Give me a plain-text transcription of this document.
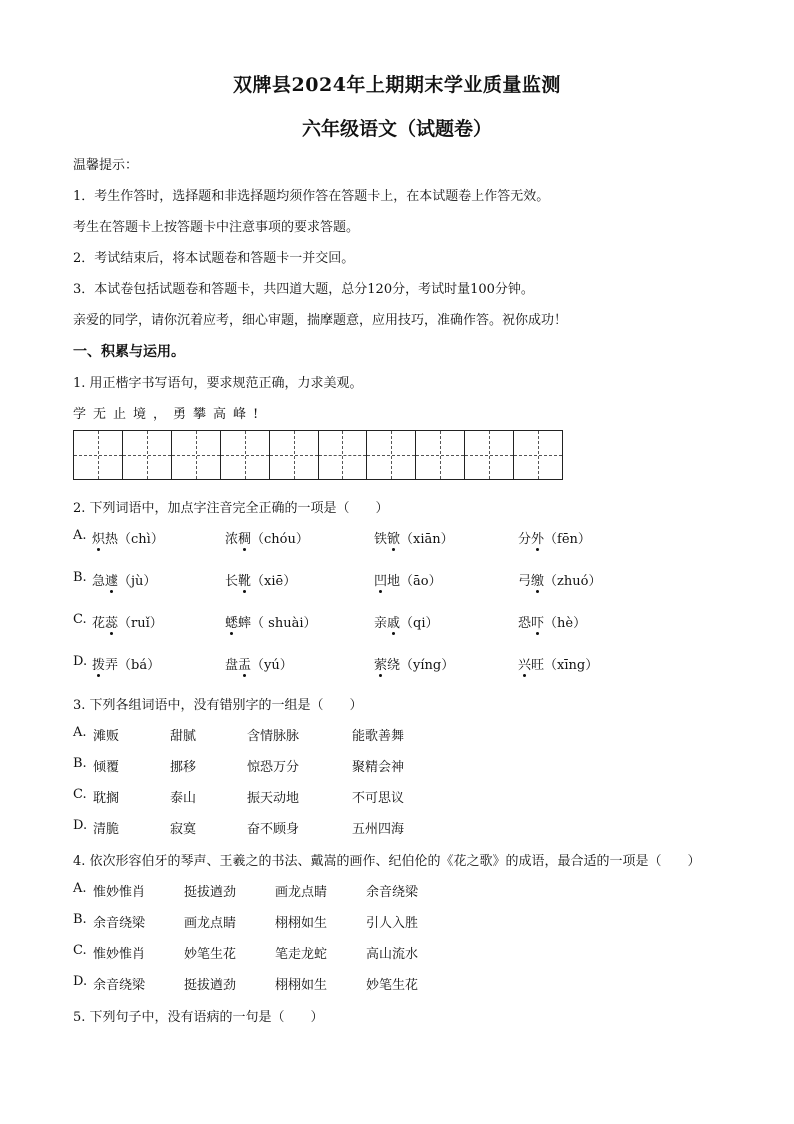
双牌县2024年上期期末学业质量监测
六年级语文（试题卷）
温馨提示：
1．考生作答时，选择题和非选择题均须作答在答题卡上，在本试题卷上作答无效。
考生在答题卡上按答题卡中注意事项的要求答题。
2．考试结束后，将本试题卷和答题卡一并交回。
3．本试卷包括试题卷和答题卡，共四道大题，总分120分，考试时量100分钟。
亲爱的同学，请你沉着应考，细心审题，揣摩题意，应用技巧，准确作答。祝你成功！
一、积累与运用。
1. 用正楷字书写语句，要求规范正确，力求美观。
学无止境，勇攀高峰!
2. 下列词语中，加点字注音完全正确的一项是（　　）
A. 炽热（chì）	浓稠（chóu）	铁锨（xiān）	分外（fēn）
B. 急遽（jù）	长靴（xiē）	凹地（āo）	弓缴（zhuó）
C. 花蕊（ruǐ）	蟋蟀（ shuài）	亲戚（qi）	恐吓（hè）
D. 拨弄（bá）	盘盂（yú）	萦绕（yíng）	兴旺（xīng）
3. 下列各组词语中，没有错别字的一组是（　　）
A. 滩贩	甜腻	含情脉脉	能歌善舞
B. 倾覆	挪移	惊恐万分	聚精会神
C. 耽搁	泰山	振天动地	不可思议
D. 清脆	寂寞	奋不顾身	五州四海
4. 依次形容伯牙的琴声、王羲之的书法、戴嵩的画作、纪伯伦的《花之歌》的成语，最合适的一项是（　　）
A. 惟妙惟肖	挺拔遒劲	画龙点睛	余音绕梁
B. 余音绕梁	画龙点睛	栩栩如生	引人入胜
C. 惟妙惟肖	妙笔生花	笔走龙蛇	高山流水
D. 余音绕梁	挺拔遒劲	栩栩如生	妙笔生花
5. 下列句子中，没有语病的一句是（　　）
